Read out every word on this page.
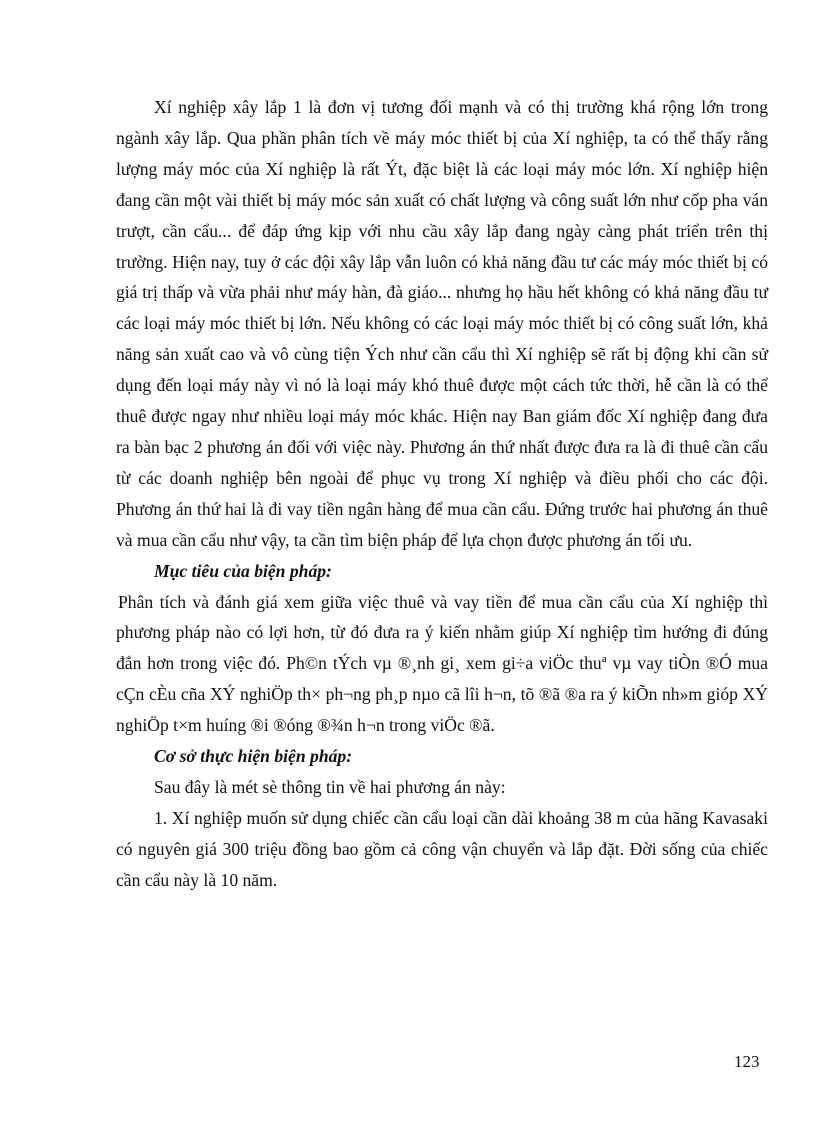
Xí nghiệp xây lắp 1 là đơn vị tương đối mạnh và có thị trường khá rộng lớn trong ngành xây lắp. Qua phần phân tích về máy móc thiết bị của Xí nghiệp, ta có thể thấy rằng lượng máy móc của Xí nghiệp là rất Ýt, đặc biệt là các loại máy móc lớn. Xí nghiệp hiện đang cần một vài thiết bị máy móc sản xuất có chất lượng và công suất lớn như cốp pha ván trượt, cần cẩu... để đáp ứng kịp với nhu cầu xây lắp đang ngày càng phát triển trên thị trường. Hiện nay, tuy ở các đội xây lắp vẫn luôn có khả năng đầu tư các máy móc thiết bị có giá trị thấp và vừa phải như máy hàn, đà giáo... nhưng họ hầu hết không có khả năng đầu tư các loại máy móc thiết bị lớn. Nếu không có các loại máy móc thiết bị có công suất lớn, khả năng sản xuất cao và vô cùng tiện Ých như cần cẩu thì Xí nghiệp sẽ rất bị động khi cần sử dụng đến loại máy này vì nó là loại máy khó thuê được một cách tức thời, hễ cần là có thể thuê được ngay như nhiều loại máy móc khác. Hiện nay Ban giám đốc Xí nghiệp đang đưa ra bàn bạc 2 phương án đối với việc này. Phương án thứ nhất được đưa ra là đi thuê cần cẩu từ các doanh nghiệp bên ngoài để phục vụ trong Xí nghiệp và điều phối cho các đội. Phương án thứ hai là đi vay tiền ngân hàng để mua cần cẩu. Đứng trước hai phương án thuê và mua cần cẩu như vậy, ta cần tìm biện pháp để lựa chọn được phương án tối ưu.

Mục tiêu của biện pháp:

Phân tích và đánh giá xem giữa việc thuê và vay tiền để mua cần cẩu của Xí nghiệp thì phương pháp nào có lợi hơn, từ đó đưa ra ý kiến nhằm giúp Xí nghiệp tìm hướng đi đúng đắn hơn trong việc đó. Ph©n tÝch vµ ®¸nh gi¸ xem gi÷a viÖc thuª vµ vay tiÒn ®Ó mua cÇn cÈu cña XÝ nghiÖp th× ph¬ng ph¸p nµo cã lîi h¬n, tõ ®ã ®a ra ý kiÕn nh»m gióp XÝ nghiÖp t×m huíng ®i ®óng ®¾n h¬n trong viÖc ®ã.

Cơ sở thực hiện biện pháp:

Sau đây là mét sè thông tin về hai phương án này:

1. Xí nghiệp muốn sử dụng chiếc cần cẩu loại cần dài khoảng 38 m của hãng Kavasaki có nguyên giá 300 triệu đồng bao gồm cả công vận chuyển và lắp đặt. Đời sống của chiếc cần cẩu này là 10 năm.

123
